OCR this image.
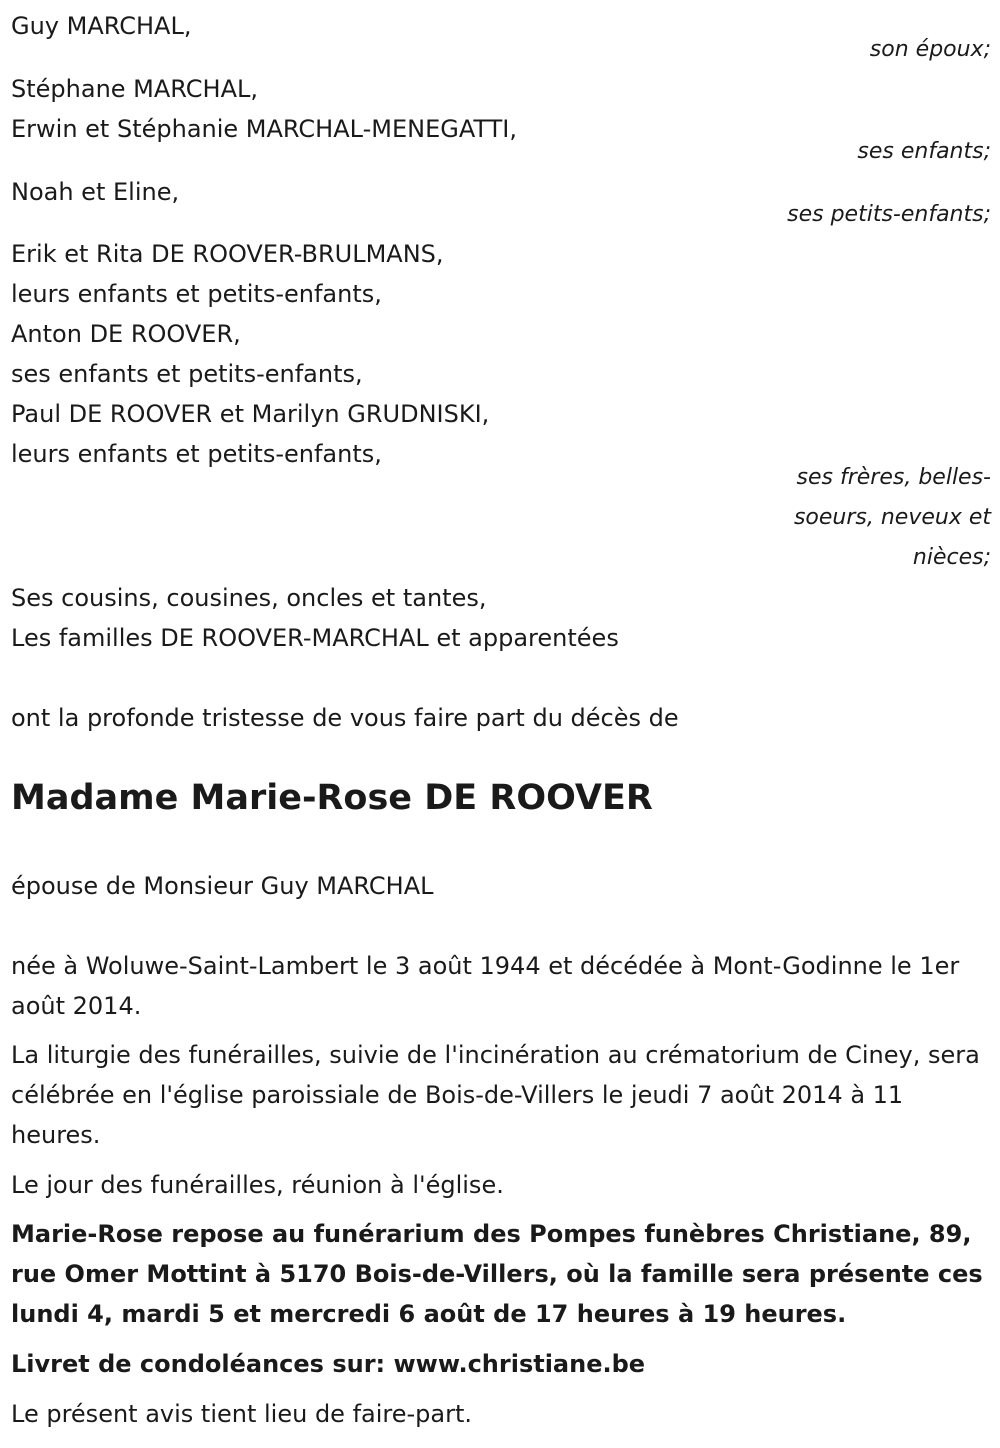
Guy MARCHAL,
son époux;
Stéphane MARCHAL,
Erwin et Stéphanie MARCHAL-MENEGATTI,
ses enfants;
Noah et Eline,
ses petits-enfants;
Erik et Rita DE ROOVER-BRULMANS,
leurs enfants et petits-enfants,
Anton DE ROOVER,
ses enfants et petits-enfants,
Paul DE ROOVER et Marilyn GRUDNISKI,
leurs enfants et petits-enfants,
ses frères, belles-
soeurs, neveux et
nièces;
Ses cousins, cousines, oncles et tantes,
Les familles DE ROOVER-MARCHAL et apparentées
ont la profonde tristesse de vous faire part du décès de
Madame Marie-Rose DE ROOVER
épouse de Monsieur Guy MARCHAL
née à Woluwe-Saint-Lambert le 3 août 1944 et décédée à Mont-Godinne le 1er août 2014.
La liturgie des funérailles, suivie de l'incinération au crématorium de Ciney, sera célébrée en l'église paroissiale de Bois-de-Villers le jeudi 7 août 2014 à 11 heures.
Le jour des funérailles, réunion à l'église.
Marie-Rose repose au funérarium des Pompes funèbres Christiane, 89, rue Omer Mottint à 5170 Bois-de-Villers, où la famille sera présente ces lundi 4, mardi 5 et mercredi 6 août de 17 heures à 19 heures.
Livret de condoléances sur: www.christiane.be
Le présent avis tient lieu de faire-part.
